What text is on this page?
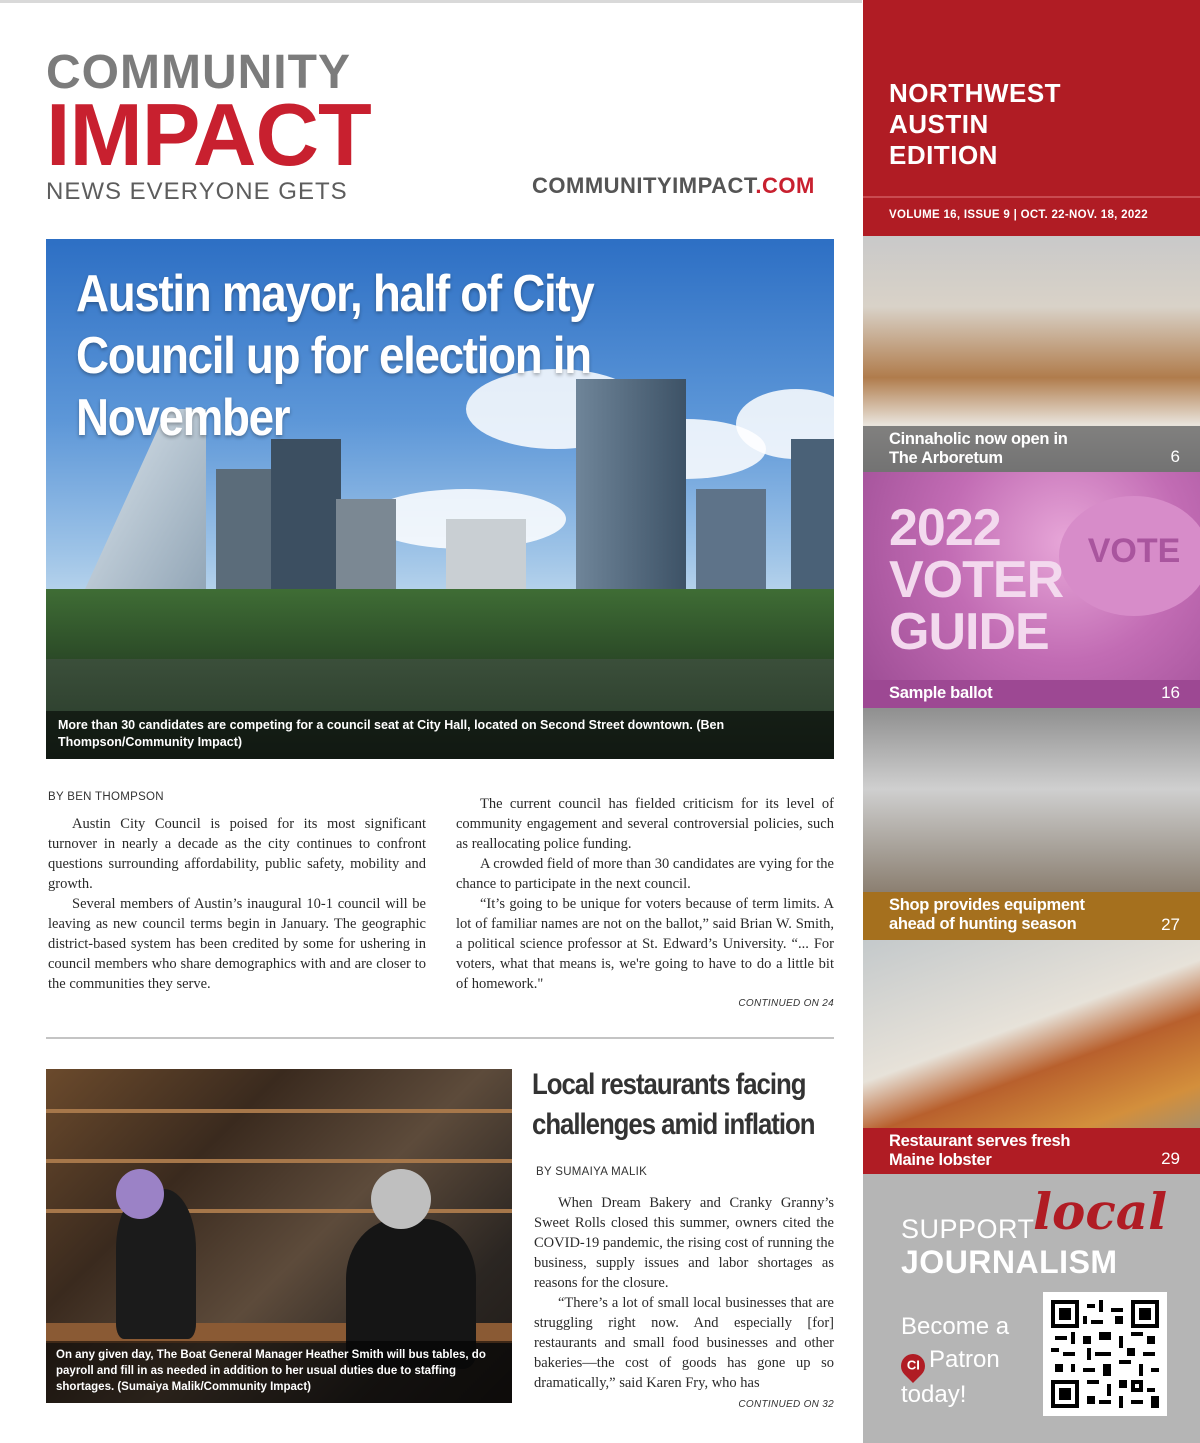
COMMUNITY
IMPACT
NEWS EVERYONE GETS	COMMUNITYIMPACT.COM
Austin mayor, half of City Council up for election in November
More than 30 candidates are competing for a council seat at City Hall, located on Second Street downtown. (Ben Thompson/Community Impact)
BY BEN THOMPSON

Austin City Council is poised for its most significant turnover in nearly a decade as the city continues to confront questions surrounding affordability, public safety, mobility and growth.

Several members of Austin’s inaugural 10-1 council will be leaving as new council terms begin in January. The geographic district-based system has been credited by some for ushering in council members who share demographics with and are closer to the communities they serve.

The current council has fielded criticism for its level of community engagement and several controversial policies, such as reallocating police funding.

A crowded field of more than 30 candidates are vying for the chance to participate in the next council.

“It’s going to be unique for voters because of term limits. A lot of familiar names are not on the ballot,” said Brian W. Smith, a political science professor at St. Edward’s University. “... For voters, what that means is, we're going to have to do a little bit of homework."

CONTINUED ON 24
On any given day, The Boat General Manager Heather Smith will bus tables, do payroll and fill in as needed in addition to her usual duties due to staffing shortages. (Sumaiya Malik/Community Impact)
Local restaurants facing challenges amid inflation
BY SUMAIYA MALIK

When Dream Bakery and Cranky Granny’s Sweet Rolls closed this summer, owners cited the COVID-19 pandemic, the rising cost of running the business, supply issues and labor shortages as reasons for the closure.

“There’s a lot of small local businesses that are struggling right now. And especially [for] restaurants and small food businesses and other bakeries—the cost of goods has gone up so dramatically,” said Karen Fry, who has

CONTINUED ON 32
NORTHWEST
AUSTIN
EDITION
VOLUME 16, ISSUE 9 | OCT. 22-NOV. 18, 2022
Cinnaholic now open in
The Arboretum	6
VOTE
2022
VOTER
GUIDE
Sample ballot	16
Shop provides equipment
ahead of hunting season	27
Restaurant serves fresh
Maine lobster	29
local
SUPPORT
JOURNALISM
Become a
CI Patron
today!
